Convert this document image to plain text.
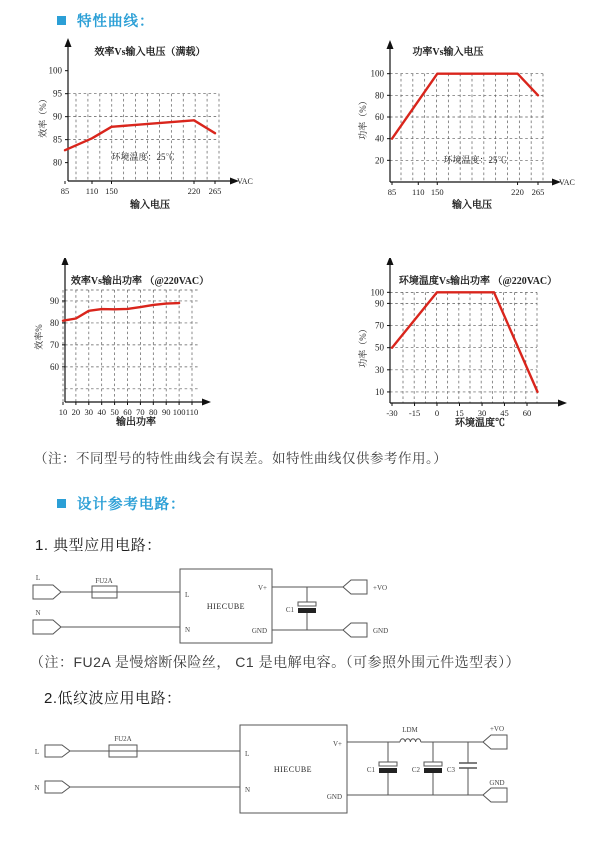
特性曲线：
100
95
90
85
80
85 110 150	220 265
效率Vs输入电压（满载）
效率（%）
输入电压
VAC
环境温度：25℃
100
80
60
40
20
85 110 150	220 265
功率Vs输入电压
功率（%）
输入电压
VAC
环境温度：25℃
90
80
70
60
10 20 30 40 50 60 70 80 90 100 110
效率Vs输出功率 （@220VAC）
效率%
输出功率
100
90
70
50
30
10
-30 -15 0 15 30 45 60
环境温度Vs输出功率 （@220VAC）
功率（%）
环境温度℃
（注：不同型号的特性曲线会有误差。如特性曲线仅供参考作用。）
设计参考电路：
1. 典型应用电路：
L	FU2A
N
HIECUBE
L
N
V+
GND
C1
+VO
GND
（注：FU2A 是慢熔断保险丝， C1 是电解电容。（可参照外围元件选型表））
2.低纹波应用电路：
L
FU2A
N
HIECUBE
L
N
V+
GND
LDM
C1	C2	C3
+VO
GND
